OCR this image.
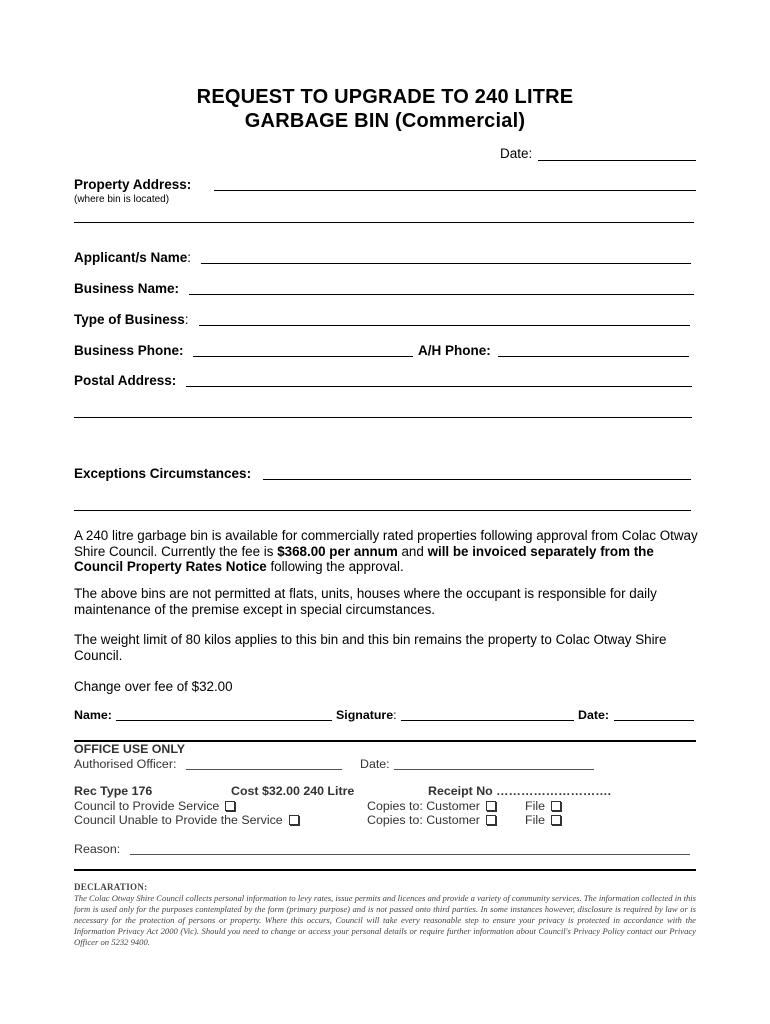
REQUEST TO UPGRADE TO 240 LITRE
GARBAGE BIN (Commercial)
Date:
Property Address:
(where bin is located)
Applicant/s Name:
Business Name:
Type of Business:
Business Phone:	A/H Phone:
Postal Address:
Exceptions Circumstances:
A 240 litre garbage bin is available for commercially rated properties following approval from Colac Otway Shire Council. Currently the fee is $368.00 per annum and will be invoiced separately from the Council Property Rates Notice following the approval.
The above bins are not permitted at flats, units, houses where the occupant is responsible for daily maintenance of the premise except in special circumstances.
The weight limit of 80 kilos applies to this bin and this bin remains the property to Colac Otway Shire Council.
Change over fee of $32.00
Name:	Signature:	Date:
OFFICE USE ONLY
Authorised Officer:	Date:
Rec Type 176	Cost $32.00 240 Litre	Receipt No ……………………….
Council to Provide Service	Copies to: Customer	File
Council Unable to Provide the Service	Copies to: Customer	File
Reason:
DECLARATION:
The Colac Otway Shire Council collects personal information to levy rates, issue permits and licences and provide a variety of community services. The information collected in this form is used only for the purposes contemplated by the form (primary purpose) and is not passed onto third parties. In some instances however, disclosure is required by law or is necessary for the protection of persons or property. Where this occurs, Council will take every reasonable step to ensure your privacy is protected in accordance with the Information Privacy Act 2000 (Vic). Should you need to change or access your personal details or require further information about Council's Privacy Policy contact our Privacy Officer on 5232 9400.
